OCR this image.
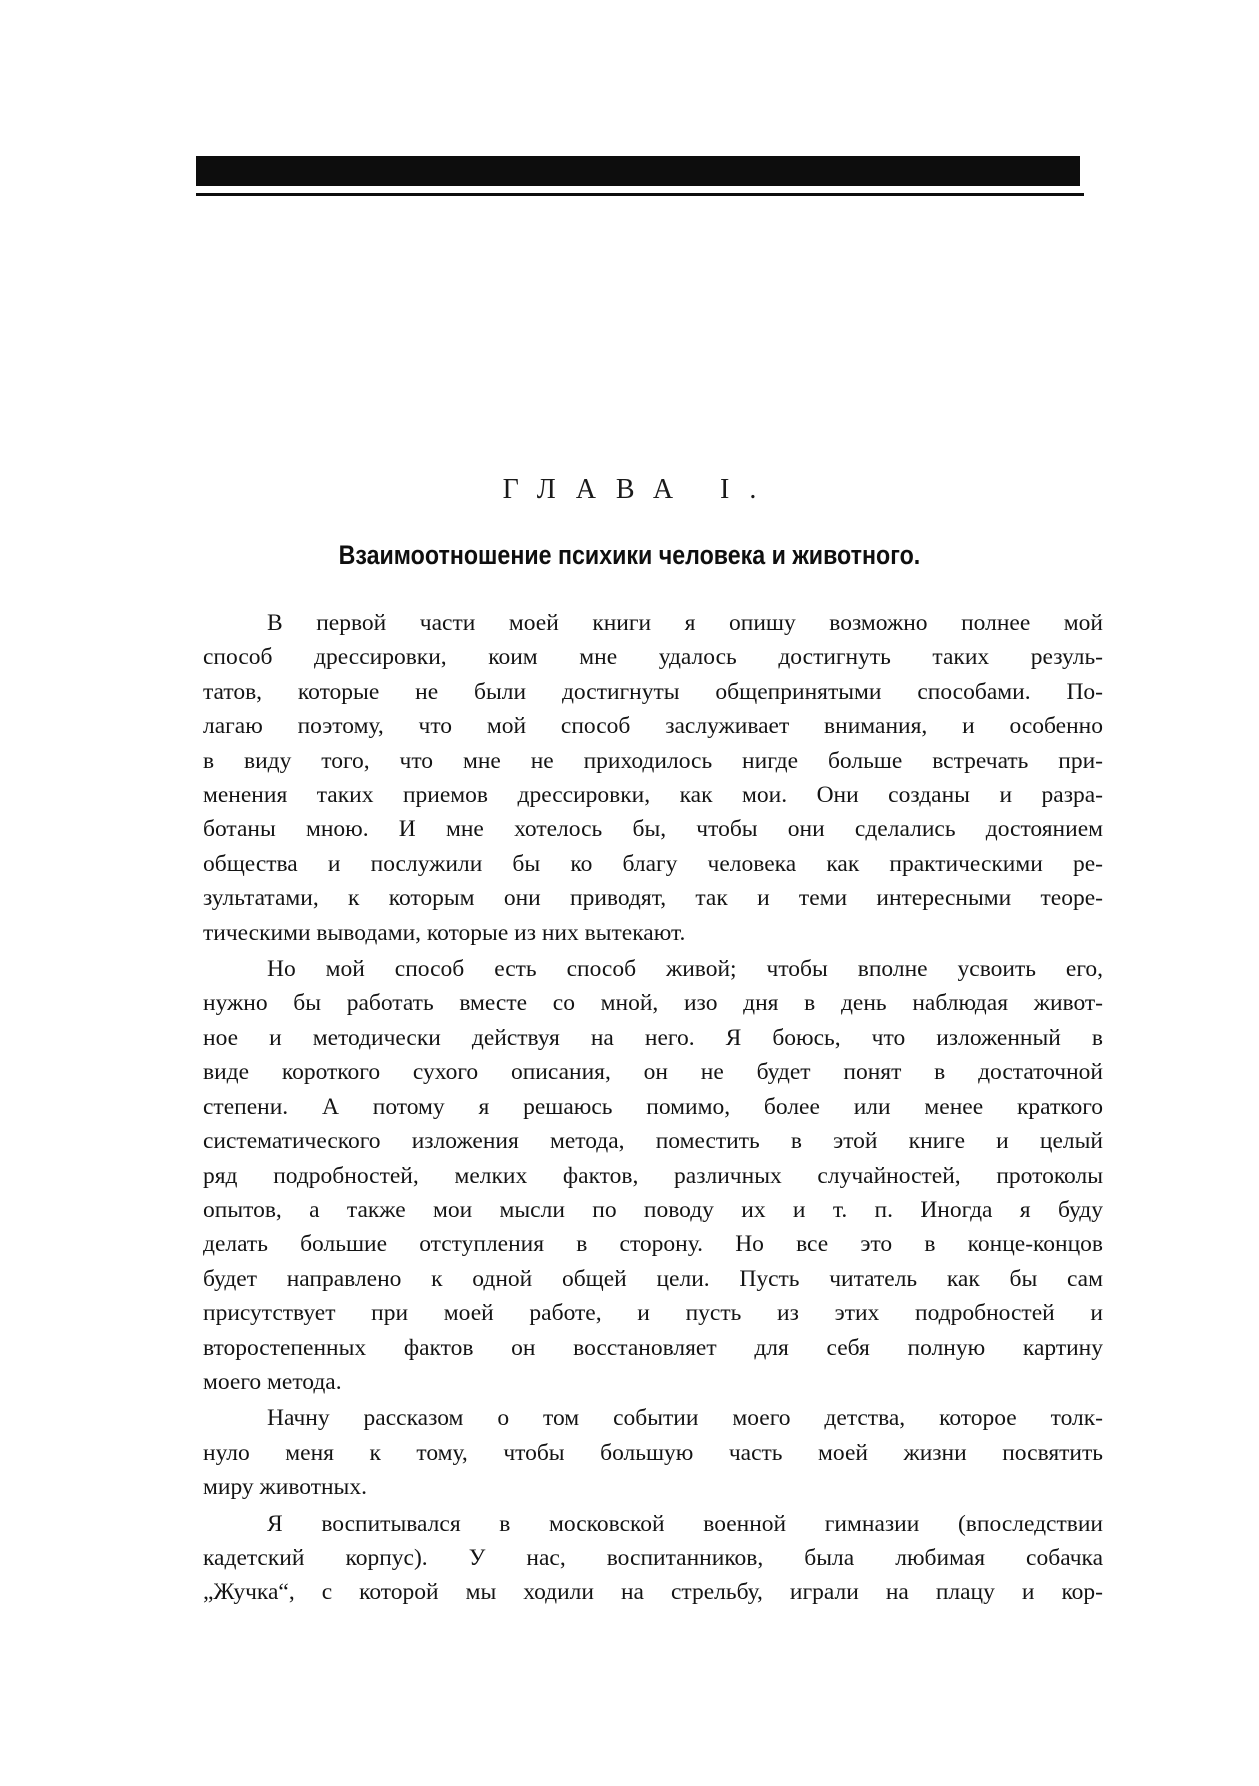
ГЛАВА I.
Взаимоотношение психики человека и животного.

В первой части моей книги я опишу возможно полнее мой
способ дрессировки, коим мне удалось достигнуть таких резуль-
татов, которые не были достигнуты общепринятыми способами. По-
лагаю поэтому, что мой способ заслуживает внимания, и особенно
в виду того, что мне не приходилось нигде больше встречать при-
менения таких приемов дрессировки, как мои. Они созданы и разра-
ботаны мною. И мне хотелось бы, чтобы они сделались достоянием
общества и послужили бы ко благу человека как практическими ре-
зультатами, к которым они приводят, так и теми интересными теоре-
тическими выводами, которые из них вытекают.

Но мой способ есть способ живой; чтобы вполне усвоить его,
нужно бы работать вместе со мной, изо дня в день наблюдая живот-
ное и методически действуя на него. Я боюсь, что изложенный в
виде короткого сухого описания, он не будет понят в достаточной
степени. А потому я решаюсь помимо, более или менее краткого
систематического изложения метода, поместить в этой книге и целый
ряд подробностей, мелких фактов, различных случайностей, протоколы
опытов, а также мои мысли по поводу их и т. п. Иногда я буду
делать большие отступления в сторону. Но все это в конце-концов
будет направлено к одной общей цели. Пусть читатель как бы сам
присутствует при моей работе, и пусть из этих подробностей и
второстепенных фактов он восстановляет для себя полную картину
моего метода.

Начну рассказом о том событии моего детства, которое толк-
нуло меня к тому, чтобы большую часть моей жизни посвятить
миру животных.

Я воспитывался в московской военной гимназии (впоследствии
кадетский корпус). У нас, воспитанников, была любимая собачка
„Жучка“, с которой мы ходили на стрельбу, играли на плацу и кор-
